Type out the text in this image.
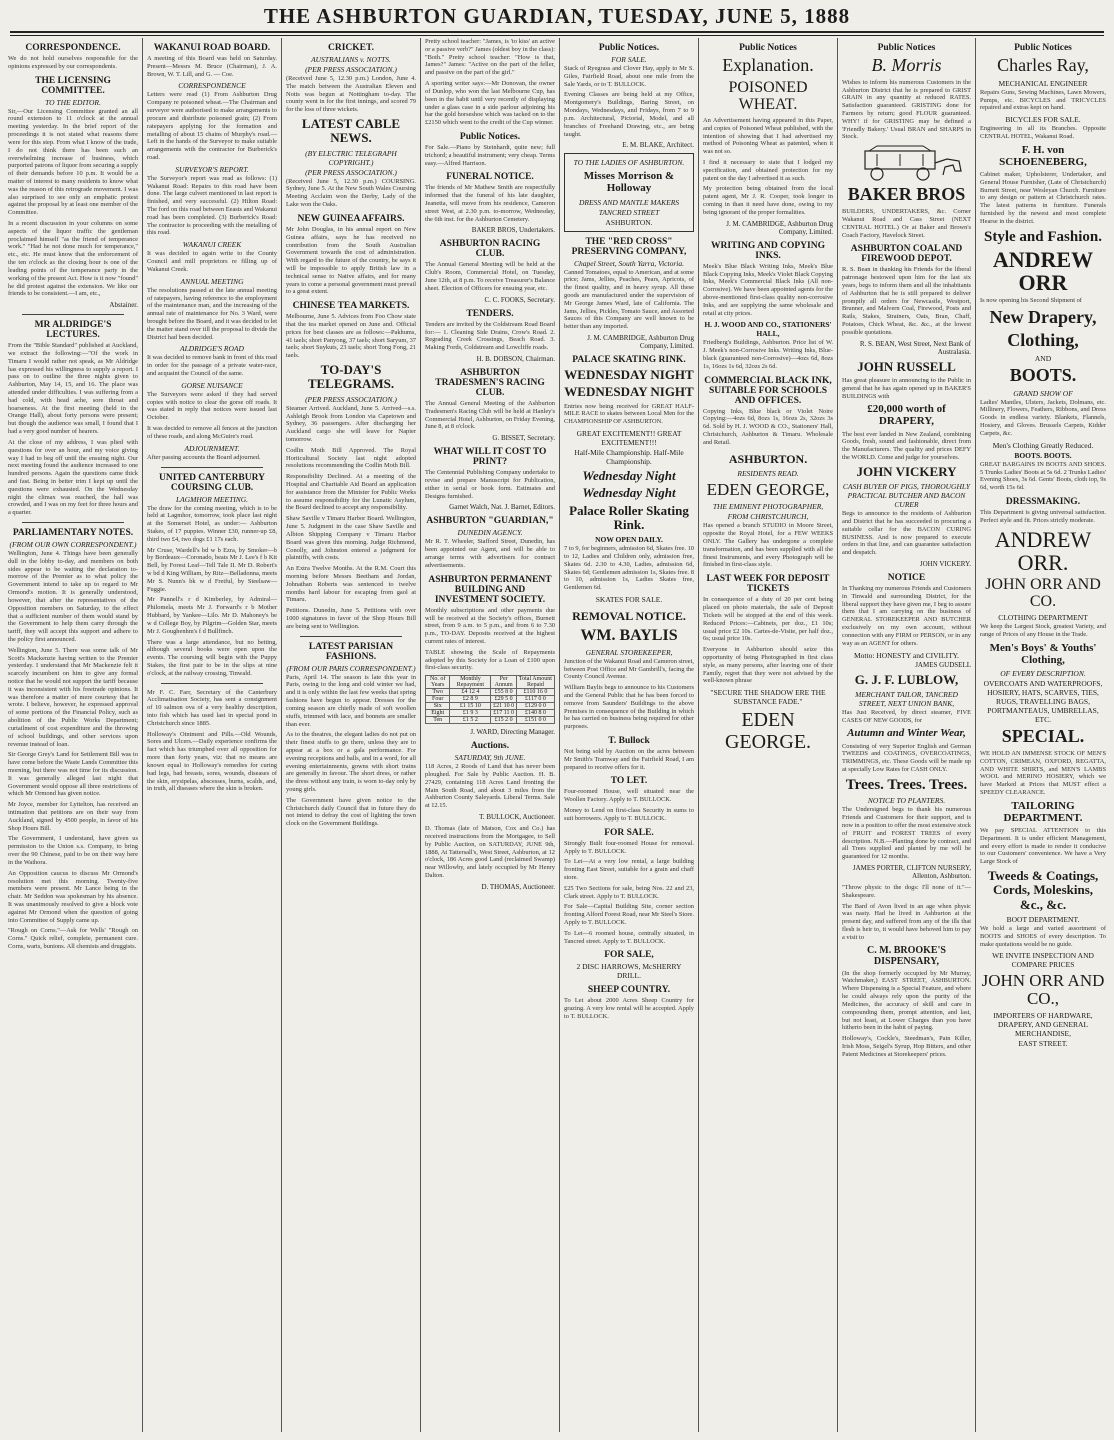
THE ASHBURTON GUARDIAN, TUESDAY, JUNE 5, 1888
CORRESPONDENCE.
We do not hold ourselves responsible for the opinions expressed by our correspondents.
THE LICENSING COMMITTEE.
TO THE EDITOR.
Sir,—Our Licensing Committee granted an all round extension to 11 o'clock at the annual meeting yesterday. In the brief report of the proceedings it is not stated what reasons there were for this step. From what I know of the trade, I do not think there has been such an overwhelming increase of business, which purported patrons of liquor from securing a supply of their demands before 10 p.m. It would be a matter of interest to many residents to know what was the reason of this retrograde movement. I was also surprised to see only an emphatic protest against the proposal by at least one member of the Committee.
In a recent discussion in your columns on some aspects of the liquor traffic the gentleman proclaimed himself "as the friend of temperance work." "Had he not done much for temperance," etc., etc. He must know that the enforcement of the ten o'clock as the closing hour is one of the leading points of the temperance party in the working of the present Act. How is it now "found" he did protest against the extension. We like our friends to be consistent.—I am, etc.,
Abstainer.
MR ALDRIDGE'S LECTURES.
From the "Bible Standard" published at Auckland, we extract the following:—"Of the work in Timaru I would rather not speak, as Mr Aldridge has expressed his willingness to supply a report. I pass on to outline the three nights given to Ashburton, May 14, 15, and 16. The place was attended under difficulties. I was suffering from a bad cold, with head ache, sore throat and hoarseness. At the first meeting (held in the Orange Hall), about forty persons were present; but though the audience was small, I found that I had a very good number of hearers.
At the close of my address, I was plied with questions for over an hour, and my voice giving way I had to beg off until the ensuing night. Our next meeting found the audience increased to one hundred persons. Again the questions came thick and fast. Being in better trim I kept up until the questions were exhausted. On the Wednesday night the climax was reached, the hall was crowded, and I was on my feet for three hours and a quarter.
PARLIAMENTARY NOTES.
(FROM OUR OWN CORRESPONDENT.)
Wellington, June 4. Things have been generally dull in the lobby to-day, and members on both sides appear to be waiting the declaration to-morrow of the Premier as to what policy the Government intend to take up to regard to Mr Ormond's motion. It is generally understood, however, that after the representatives of the Opposition members on Saturday, to the effect that a sufficient number of them would stand by the Government to help them carry through the tariff, they will accept this support and adhere to the policy first announced.
Wellington, June 5. There was some talk of Mr Scott's Mackenzie having written to the Premier yesterday. I understand that Mr Mackenzie felt it scarcely incumbent on him to give any formal notice that he would not support the tariff because it was inconsistent with his freetrade opinions. It was therefore a matter of mere courtesy that he wrote. I believe, however, he expressed approval of some portions of the Financial Policy, such as abolition of the Public Works Department; curtailment of cost expenditure and the throwing of school buildings, and other services upon revenue instead of loan.
Sir George Grey's Land for Settlement Bill was to have come before the Waste Lands Committee this morning, but there was not time for its discussion. It was generally alleged last night that Government would oppose all three restrictions of which Mr Ormond has given notice.
Mr Joyce, member for Lyttelton, has received an intimation that petitions are on their way from Auckland, signed by 4500 people, in favor of his Shop Hours Bill.
The Government, I understand, have given us permission to the Union s.s. Company, to bring over the 90 Chinese, paid to be on their way here in the Waihora.
An Opposition caucus to discuss Mr Ormond's resolution met this morning. Twenty-five members were present. Mr Lance being in the chair. Mr Seddon was spokesman by his absence. It was unanimously resolved to give a block vote against Mr Ormond when the question of going into Committee of Supply came up.
"Rough on Corns."—Ask for Wells' "Rough on Corns." Quick relief, complete, permanent cure. Corns, warts, bunions. All chemists and druggists.
WAKANUI ROAD BOARD.
A meeting of this Board was held on Saturday. Present—Messrs M. Bruce (Chairman), J. A. Brown, W. T. Lill, and G. — Coe.
CORRESPONDENCE
Letters were read (1) From Ashburton Drug Company re poisoned wheat.—The Chairman and surveyor were authorised to make arrangements to procure and distribute poisoned grain; (2) From ratepayers applying for the formation and metalling of about 15 chains of Murphy's road.—Left in the hands of the Surveyor to make suitable arrangements with the contractor for Burberick's road.
SURVEYOR'S REPORT.
The Surveyor's report was read as follows: (1) Wakanui Road: Repairs to this road have been done. The large culvert mentioned in last report is finished, and very successful. (2) Hilton Road: The ford on this road between Eeasts and Wakanui road has been completed. (3) Burberick's Road: The contractor is proceeding with the metalling of this road.
WAKANUI CREEK
It was decided to again write to the County Council and mill proprietors re filling up of Wakanui Creek.
ANNUAL MEETING
The resolutions passed at the late annual meeting of ratepayers, having reference to the employment of the maintenance man, and the increasing of the annual rate of maintenance for No. 3 Ward, were brought before the Board, and it was decided to let the matter stand over till the proposal to divide the District had been decided.
ALDRIDGE'S ROAD
It was decided to remove bank in front of this road in order for the passage of a private water-race, and acquaint the Council of the same.
GORSE NUISANCE
The Surveyors were asked if they had served copies with notice to clear the gorse off roads. It was stated in reply that notices were issued last October.
It was decided to remove all fences at the junction of these roads, and along McGuire's road.
ADJOURNMENT.
After passing accounts the Board adjourned.
UNITED CANTERBURY COURSING CLUB.
LAGMHOR MEETING.
The draw for the coming meeting, which is to be held at Lagmhor, tomorrow, took place last night at the Somerset Hotel, as under:— Ashburton Stakes, of 17 puppies. Winner £30, runner-up £8, third two £4, two dogs £1 17s each.
Mr Cruse, Wardell's bd w b Ezra, by Smoker—b by Bordeaux—Coronado, beats Mr J. Lee's f b Kit Bell, by Forest Leaf—Tell Tale II. Mr D. Robert's w bd d King William, by Ritz—Belladonna, meets Mr S. Nunn's bk w d Fretful, by Steelsaw—Fuggie.
Mr Pannell's r d Kimberley, by Admiral—Philomela, meets Mr J. Forward's r b Mother Hubbard, by Yankee—Lilo. Mr D. Mahoney's be w d College Boy, by Pilgrim—Golden Star, meets Mr J. Goughenhm's f d Bullfinch.
There was a large attendance, but no betting, although several books were open upon the events. The coursing will begin with the Puppy Stakes, the first pair to be in the slips at nine o'clock, at the railway crossing, Tinwald.
Mr F. C. Farr, Secretary of the Canterbury Acclimatisation Society, has sent a consignment of 10 salmon ova of a very healthy description, into fish which has used last in special pond in Christchurch since 1885.
Holloway's Ointment and Pills.—Old Wounds, Sores and Ulcers.—Daily experience confirms the fact which has triumphed over all opposition for more than forty years, viz: that no means are known equal to Holloway's remedies for curing bad legs, bad breasts, sores, wounds, diseases of the skin, erysipelas, abscesses, burns, scalds, and, in truth, all diseases where the skin is broken.
CRICKET.
AUSTRALIANS v. NOTTS.
(PER PRESS ASSOCIATION.)
(Received June 5, 12.30 p.m.) London, June 4. The match between the Australian Eleven and Notts was begun at Nottingham to-day. The county went in for the first innings, and scored 79 for the loss of three wickets.
LATEST CABLE NEWS.
(BY ELECTRIC TELEGRAPH COPYRIGHT.)
(PER PRESS ASSOCIATION.)
(Received June 5, 12.30 p.m.) COURSING. Sydney, June 5. At the New South Wales Coursing Meeting Acclaim won the Derby, Lady of the Lake won the Oaks.
NEW GUINEA AFFAIRS.
Mr John Douglas, in his annual report on New Guinea affairs, says he has received no contribution from the South Australian Government towards the cost of administration. With regard to the future of the country, he says it will be impossible to apply British law in a technical sense to Native affairs, and for many years to come a personal government must prevail to a great extent.
CHINESE TEA MARKETS.
Melbourne, June 5. Advices from Foo Chow state that the tea market opened on June and. Official prices for best classes are as follows:—Pakhums, 41 taels; short Panyong, 37 taels; short Saryum, 37 taels; short Suykuts, 23 taels; short Tong Fong, 21 taels.
TO-DAY'S TELEGRAMS.
(PER PRESS ASSOCIATION.)
Steamer Arrived. Auckland, June 5. Arrived—s.s. Ashleigh Brook from London via Capetown and Sydney, 36 passengers. After discharging her Auckland cargo she will leave for Napier tomorrow.
Codlin Moth Bill Approved. The Royal Horticultural Society last night adopted resolutions recommending the Codlin Moth Bill.
Responsibility Declined. At a meeting of the Hospital and Charitable Aid Board an application for assistance from the Minister for Public Works to assume responsibility for the Lunatic Asylum, the Board declined to accept any responsibility.
Shaw Saville v Timaru Harbor Board. Wellington, June 5. Judgment in the case Shaw Saville and Albion Shipping Company v Timaru Harbor Board was given this morning. Judge Richmond, Conolly, and Johnston entered a judgment for plaintiffs, with costs.
An Extra Twelve Months. At the R.M. Court this morning before Messrs Beetham and Jordan, Johnathan Roberts was sentenced to twelve months hard labour for escaping from gaol at Timaru.
Petitions. Dunedin, June 5. Petitions with over 1000 signatures in favor of the Shop Hours Bill are being sent to Wellington.
LATEST PARISIAN FASHIONS.
(FROM OUR PARIS CORRESPONDENT.)
Paris, April 14. The season is late this year in Paris, owing to the long and cold winter we had, and it is only within the last few weeks that spring fashions have begun to appear. Dresses for the coming season are chiefly made of soft woollen stuffs, trimmed with lace, and bonnets are smaller than ever.
As to the theatres, the elegant ladies do not put on their finest stuffs to go there, unless they are to appear at a box or a gala performance. For evening receptions and balls, and in a word, for all evening entertainments, gowns with short trains are generally in favour. The short dress, or rather the dress without any train, is worn to-day only by young girls.
The Government have given notice to the Christchurch daily Council that in future they do not intend to defray the cost of lighting the town clock on the Government Buildings.
Pretty school teacher: "James, is 'to kiss' an active or a passive verb?" James (oldest boy in the class): "Both." Pretty school teacher: "How is that, James?" James: "Active on the part of the feller, and passive on the part of the girl."
A sporting writer says:—Mr Donovan, the owner of Dunlop, who won the last Melbourne Cup, has been in the habit until very recently of displaying under a glass case in a side parlour adjoining his bar the gold horseshoe which was tacked on to the £2150 which went to the credit of the Cup winner.
Public Notices.
For Sale.—Piano by Steinhardt, quite new; full trichord; a beautiful instrument; very cheap. Terms easy.—Alfred Harrison.
FUNERAL NOTICE.
The friends of Mr Mathew Smith are respectfully informed that the funeral of his late daughter, Jeanetta, will move from his residence, Cameron street West, at 2.30 p.m. to-morrow, Wednesday, the 6th inst. for the Ashburton Cemetery.
BAKER BROS, Undertakers.
ASHBURTON RACING CLUB.
The Annual General Meeting will be held at the Club's Room, Commercial Hotel, on Tuesday, June 12th, at 8 p.m. To receive Treasurer's Balance sheet. Election of Officers for ensuing year, etc.
C. C. FOOKS, Secretary.
TENDERS.
Tenders are invited by the Coldstream Road Board for:— 1. Cleaning Side Drains, Crow's Road. 2. Regrading Creek Crossings, Beach Road. 3. Making Fords, Coldstream and Lowcliffe roads.
H. B. DOBSON, Chairman.
ASHBURTON TRADESMEN'S RACING CLUB.
The Annual General Meeting of the Ashburton Tradesmen's Racing Club will be held at Hanley's Commercial Hotel, Ashburton, on Friday Evening, June 8, at 8 o'clock.
G. BISSET, Secretary.
WHAT WILL IT COST TO PRINT?
The Centennial Publishing Company undertake to revise and prepare Manuscript for Publication, either in serial or book form. Estimates and Designs furnished.
Garnet Walch, Nat. J. Barnet, Editors.
ASHBURTON "GUARDIAN,"
DUNEDIN AGENCY.
Mr R. T. Wheeler, Stafford Street, Dunedin, has been appointed our Agent, and will be able to arrange terms with advertisers for contract advertisements.
ASHBURTON PERMANENT BUILDING AND INVESTMENT SOCIETY.
Monthly subscriptions and other payments due will be received at the Society's offices, Burnett street, from 9 a.m. to 5 p.m., and from 6 to 7.30 p.m., TO-DAY. Deposits received at the highest current rates of interest.
TABLE showing the Scale of Repayments adopted by this Society for a Loan of £100 upon first-class security.
No. of Years	Monthly Repayment	Per Annum	Total Amount Repaid
Two	£4 12 4	£55 8 0	£110 16 0
Four	£2 8 9	£29 5 0	£117 0 0
Six	£1 15 10	£21 10 0	£129 0 0
Eight	£1 9 3	£17 11 0	£140 8 0
Ten	£1 5 2	£15 2 0	£151 0 0
J. WARD, Directing Manager.
Auctions.
SATURDAY, 9th JUNE.
118 Acres, 2 Roods of Land that has never been ploughed. For Sale by Public Auction. H. B. 27429, containing 118 Acres Land fronting the Main South Road, and about 3 miles from the Ashburton County Saleyards. Liberal Terms. Sale at 12.15.
T. BULLOCK, Auctioneer.
D. Thomas (late of Matson, Cox and Co.) has received instructions from the Mortgagee, to Sell by Public Auction, on SATURDAY, JUNE 9th, 1888, At Tattersall's, West Street, Ashburton, at 12 o'clock, 186 Acres good Land (reclaimed Swamp) near Willowby, and lately occupied by Mr Henry Dalton.
D. THOMAS, Auctioneer.
Public Notices.
FOR SALE.
Stack of Ryegrass and Clover Hay, apply to Mr S. Giles, Fairfield Road, about one mile from the Sale Yards, or to T. BULLOCK.
Evening Classes are being held at my Office, Montgomery's Buildings, Baring Street, on Mondays, Wednesdays, and Fridays, from 7 to 9 p.m. Architectural, Pictorial, Model, and all branches of Freehand Drawing, etc., are being taught.
E. M. BLAKE, Architect.
TO THE LADIES OF ASHBURTON.
Misses Morrison & Holloway
DRESS AND MANTLE MAKERS
TANCRED STREET
ASHBURTON.
THE "RED CROSS" PRESERVING COMPANY,
Chapel Street, South Yarra, Victoria.
Canned Tomatoes, equal to American, and at some price; Jams, Jellies, Peaches, Pears, Apricots, of the finest quality, and in heavy syrup. All these goods are manufactured under the supervision of Mr George James Ward, late of California. The Jams, Jellies, Pickles, Tomato Sauce, and Assorted Sauces of this Company are well known to be better than any imported.
J. M. CAMBRIDGE, Ashburton Drug Company, Limited.
PALACE SKATING RINK.
WEDNESDAY NIGHT
WEDNESDAY NIGHT
Entries now being received for GREAT HALF-MILE RACE to skates between Local Men for the CHAMPIONSHIP OF ASHBURTON.
GREAT EXCITEMENT!! GREAT EXCITEMENT!!!
Half-Mile Championship. Half-Mile Championship.
Wednesday Night
Wednesday Night
Palace Roller Skating Rink.
NOW OPEN DAILY.
7 to 9, for beginners, admission 6d, Skates free. 10 to 12, Ladies and Children only, admission free, Skates 6d. 2.30 to 4.30, Ladies, admission 6d, Skates 6d; Gentlemen admission 1s, Skates free. 8 to 10, admission 1s, Ladies Skates free, Gentlemen 6d.
SKATES FOR SALE.
REMOVAL NOTICE.
WM. BAYLIS
GENERAL STOREKEEPER,
Junction of the Wakanui Road and Cameron street, between Post Office and Mr Gambrill's, facing the County Council Avenue.
William Baylis begs to announce to his Customers and the General Public that he has been forced to remove from Saunders' Buildings to the above Premises in consequence of the Building in which he has carried on business being required for other purposes.
T. Bullock
Not being sold by Auction on the acres between Mr Smith's Tramway and the Fairfield Road, I am prepared to receive offers for it.
TO LET.
Four-roomed House, well situated near the Woollen Factory. Apply to T. BULLOCK.
Money to Lend on first-class Security in sums to suit borrowers. Apply to T. BULLOCK.
FOR SALE.
Strongly Built four-roomed House for removal. Apply to T. BULLOCK.
To Let—At a very low rental, a large building fronting East Street, suitable for a grain and chaff store.
£25 Two Sections for sale, being Nos. 22 and 23, Clark street. Apply to T. BULLOCK.
For Sale—Capital Building Site, corner section fronting Alford Forest Road, near Mr Steel's Store. Apply to T. BULLOCK.
To Let—6 roomed house, centrally situated, in Tancred street. Apply to T. BULLOCK.
FOR SALE,
2 DISC HARROWS, McSHERRY DRILL.
SHEEP COUNTRY.
To Let about 2000 Acres Sheep Country for grazing. A very low rental will be accepted. Apply to T. BULLOCK.
Public Notices
Explanation.
POISONED WHEAT.
An Advertisement having appeared in this Paper, and copies of Poisoned Wheat published, with the intention of showing that I had advertised my method of Poisoning Wheat as patented, when it was not so.
I find it necessary to state that I lodged my specification, and obtained protection for my patent on the day I advertised it as such.
My protection being obtained from the local patent agent, Mr J. R. Cooper, took longer in coming in than it need have done, owing to my being ignorant of the proper formalities.
J. M. CAMBRIDGE, Ashburton Drug Company, Limited.
WRITING AND COPYING INKS.
Meek's Blue Black Writing Inks, Meek's Blue Black Copying Inks, Meek's Violet Black Copying Inks, Meek's Commercial Black Inks (All non-Corrosive). We have been appointed agents for the above-mentioned first-class quality non-corrosive Inks, and are supplying the same wholesale and retail at city prices.
H. J. WOOD AND CO., STATIONERS' HALL,
Friedberg's Buildings, Ashburton. Price list of W. J. Meek's non-Corrosive Inks. Writing Inks, Blue-black (guaranteed non-Corrosive)—4ozs 6d, 8ozs 1s, 16ozs 1s 6d, 32ozs 2s 6d.
COMMERCIAL BLACK INK, SUITABLE FOR SCHOOLS AND OFFICES.
Copying Inks, Blue black or Violet Noire Copying:—4ozs 6d, 8ozs 1s, 16ozs 2s, 32ozs 3s 6d. Sold by H. J. WOOD & CO., Stationers' Hall, Christchurch, Ashburton & Timaru. Wholesale and Retail.
ASHBURTON.
RESIDENTS READ.
EDEN GEORGE,
THE EMINENT PHOTOGRAPHER,
FROM CHRISTCHURCH,
Has opened a branch STUDIO in Moore Street, opposite the Royal Hotel, for a FEW WEEKS ONLY. The Gallery has undergone a complete transformation, and has been supplied with all the finest Instruments, and every Photograph will be finished in first-class style.
LAST WEEK FOR DEPOSIT TICKETS
In consequence of a duty of 20 per cent being placed on photo materials, the sale of Deposit Tickets will be stopped at the end of this week. Reduced Prices:—Cabinets, per doz., £1 10s; usual price £2 10s. Cartes-de-Visite, per half doz., 6s; usual price 10s.
Everyone in Ashburton should seize this opportunity of being Photographed in first class style, as many persons, after leaving one of their Family, regret that they were not advised by the well-known phrase
"SECURE THE SHADOW ERE THE SUBSTANCE FADE."
EDEN GEORGE.
Public Notices
B. Morris
Wishes to inform his numerous Customers in the Ashburton District that he is prepared to GRIST GRAIN in any quantity at reduced RATES. Satisfaction guaranteed. GRISTING done for Farmers by return; good FLOUR guaranteed. WHY! if for GRISTING may be defined a 'Friendly Bakery.' Usual BRAN and SHARPS in Stock.
BAKER BROS
BUILDERS, UNDERTAKERS, &c. Corner Wakanui Road and Cass Street (NEXT CENTRAL HOTEL.) Or at Baker and Brown's Coach Factory, Havelock Street.
ASHBURTON COAL AND FIREWOOD DEPOT.
R. S. Bean in thanking his Friends for the liberal patronage bestowed upon him for the last six years, begs to inform them and all the inhabitants of Ashburton that he is still prepared to deliver promptly all orders for Newcastle, Westport, Brunner, and Malvern Coal, Firewood, Posts and Rails, Stakes, Strainers, Oats, Bran, Chaff, Potatoes, Chick Wheat, &c. &c., at the lowest possible quotations.
R. S. BEAN, West Street, Next Bank of Australasia.
JOHN RUSSELL
Has great pleasure in announcing to the Public in general that he has again opened up in BAKER'S BUILDINGS with
£20,000 worth of DRAPERY,
The best ever landed in New Zealand, combining Goods, fresh, sound and fashionable, direct from the Manufacturers. The quality and prices DEFY the WORLD. Come and judge for yourselves.
JOHN VICKERY
CASH BUYER OF PIGS, THOROUGHLY PRACTICAL BUTCHER AND BACON CURER
Begs to announce to the residents of Ashburton and District that he has succeeded in procuring a suitable cellar for the BACON CURING BUSINESS. And is now prepared to execute orders in that line, and can guarantee satisfaction and despatch.
JOHN VICKERY.
NOTICE
In Thanking my numerous Friends and Customers in Tinwald and surrounding District, for the liberal support they have given me, I beg to assure them that I am carrying on the business of GENERAL STOREKEEPER AND BUTCHER exclusively on my own account, without connection with any FIRM or PERSON, or in any way as an AGENT for others.
Motto: HONESTY and CIVILITY.
JAMES GUDSELL
G. J. F. LUBLOW,
MERCHANT TAILOR, TANCRED STREET, NEXT UNION BANK,
Has Just Received, by direct steamer, FIVE CASES OF NEW GOODS, for
Autumn and Winter Wear,
Consisting of very Superior English and German TWEEDS and COATINGS, OVERCOATINGS, TRIMMINGS, etc. These Goods will be made up at specially Low Rates for CASH ONLY.
Trees. Trees. Trees.
NOTICE TO PLANTERS.
The Undersigned begs to thank his numerous Friends and Customers for their support, and is now in a position to offer the most extensive stock of FRUIT and FOREST TREES of every description. N.B.—Planting done by contract, and all Trees supplied and planted by me will be guaranteed for 12 months.
JAMES PORTER, CLIFTON NURSERY, Allenton, Ashburton.
"Throw physic to the dogs: I'll none of it."—Shakespeare.
The Bard of Avon lived in an age when physic was nasty. Had he lived in Ashburton at the present day, and suffered from any of the ills that flesh is heir to, it would have behoved him to pay a visit to
C. M. BROOKE'S DISPENSARY,
(In the shop formerly occupied by Mr Murray, Watchmaker,) EAST STREET, ASHBURTON. Where Dispensing is a Special Feature, and where he could always rely upon the purity of the Medicines, the accuracy of skill and care in compounding them, prompt attention, and last, but not least, at Lower Charges than you have hitherto been in the habit of paying.
Holloway's, Cockle's, Steedman's, Pain Killer, Irish Moss, Seigel's Syrup, Hop Bitters, and other Patent Medicines at Storekeepers' prices.
Public Notices
Charles Ray,
MECHANICAL ENGINEER
Repairs Guns, Sewing Machines, Lawn Mowers, Pumps, etc. BICYCLES and TRICYCLES repaired and extras kept on hand.
BICYCLES FOR SALE.
Engineering in all its Branches. Opposite CENTRAL HOTEL, Wakanui Road.
F. H. von SCHOENEBERG,
Cabinet maker, Upholsterer, Undertaker, and General House Furnisher, (Late of Christchurch) Burnett Street, near Wesleyan Church. Furniture to any design or pattern at Christchurch rates. The latest patterns in furniture. Funerals furnished by the newest and most complete Hearse in the district.
Style and Fashion.
ANDREW ORR
Is now opening his Second Shipment of
New Drapery,
Clothing,
AND
BOOTS.
GRAND SHOW OF
Ladies' Mantles, Ulsters, Jackets, Dolmans, etc. Millinery, Flowers, Feathers, Ribbons, and Dress Goods in endless variety. Blankets, Flannels, Hosiery, and Gloves. Brussels Carpets, Kidder Carpets, &c.
Men's Clothing Greatly Reduced.
BOOTS. BOOTS.
GREAT BARGAINS IN BOOTS AND SHOES. 5 Trunks Ladies' Boots at 5s 6d. 2 Trunks Ladies' Evening Shoes, 3s 6d. Gents' Boots, cloth top, 9s 6d, worth 15s 6d.
DRESSMAKING.
This Department is giving universal satisfaction. Perfect style and fit. Prices strictly moderate.
ANDREW ORR.
JOHN ORR AND CO.
CLOTHING DEPARTMENT
We keep the Largest Stock, greatest Variety, and range of Prices of any House in the Trade.
Men's Boys' & Youths' Clothing,
OF EVERY DESCRIPTION.
OVERCOATS AND WATERPROOFS, HOSIERY, HATS, SCARVES, TIES, RUGS, TRAVELLING BAGS, PORTMANTEAUS, UMBRELLAS, ETC.
SPECIAL.
WE HOLD AN IMMENSE STOCK OF MEN'S COTTON, CRIMEAN, OXFORD, REGATTA, AND WHITE SHIRTS, and MEN'S LAMBS WOOL and MERINO HOSIERY, which we have Marked at Prices that MUST effect a SPEEDY CLEARANCE.
TAILORING DEPARTMENT.
We pay SPECIAL ATTENTION to this Department. It is under efficient Management, and every effort is made to render it conducive to our Customers' convenience. We have a Very Large Stock of
Tweeds & Coatings, Cords, Moleskins, &c., &c.
BOOT DEPARTMENT.
We hold a large and varied assortment of BOOTS and SHOES of every description. To make quotations would be no guide.
WE INVITE INSPECTION AND COMPARE PRICES
JOHN ORR AND CO.,
IMPORTERS OF HARDWARE, DRAPERY, AND GENERAL MERCHANDISE,
EAST STREET.
